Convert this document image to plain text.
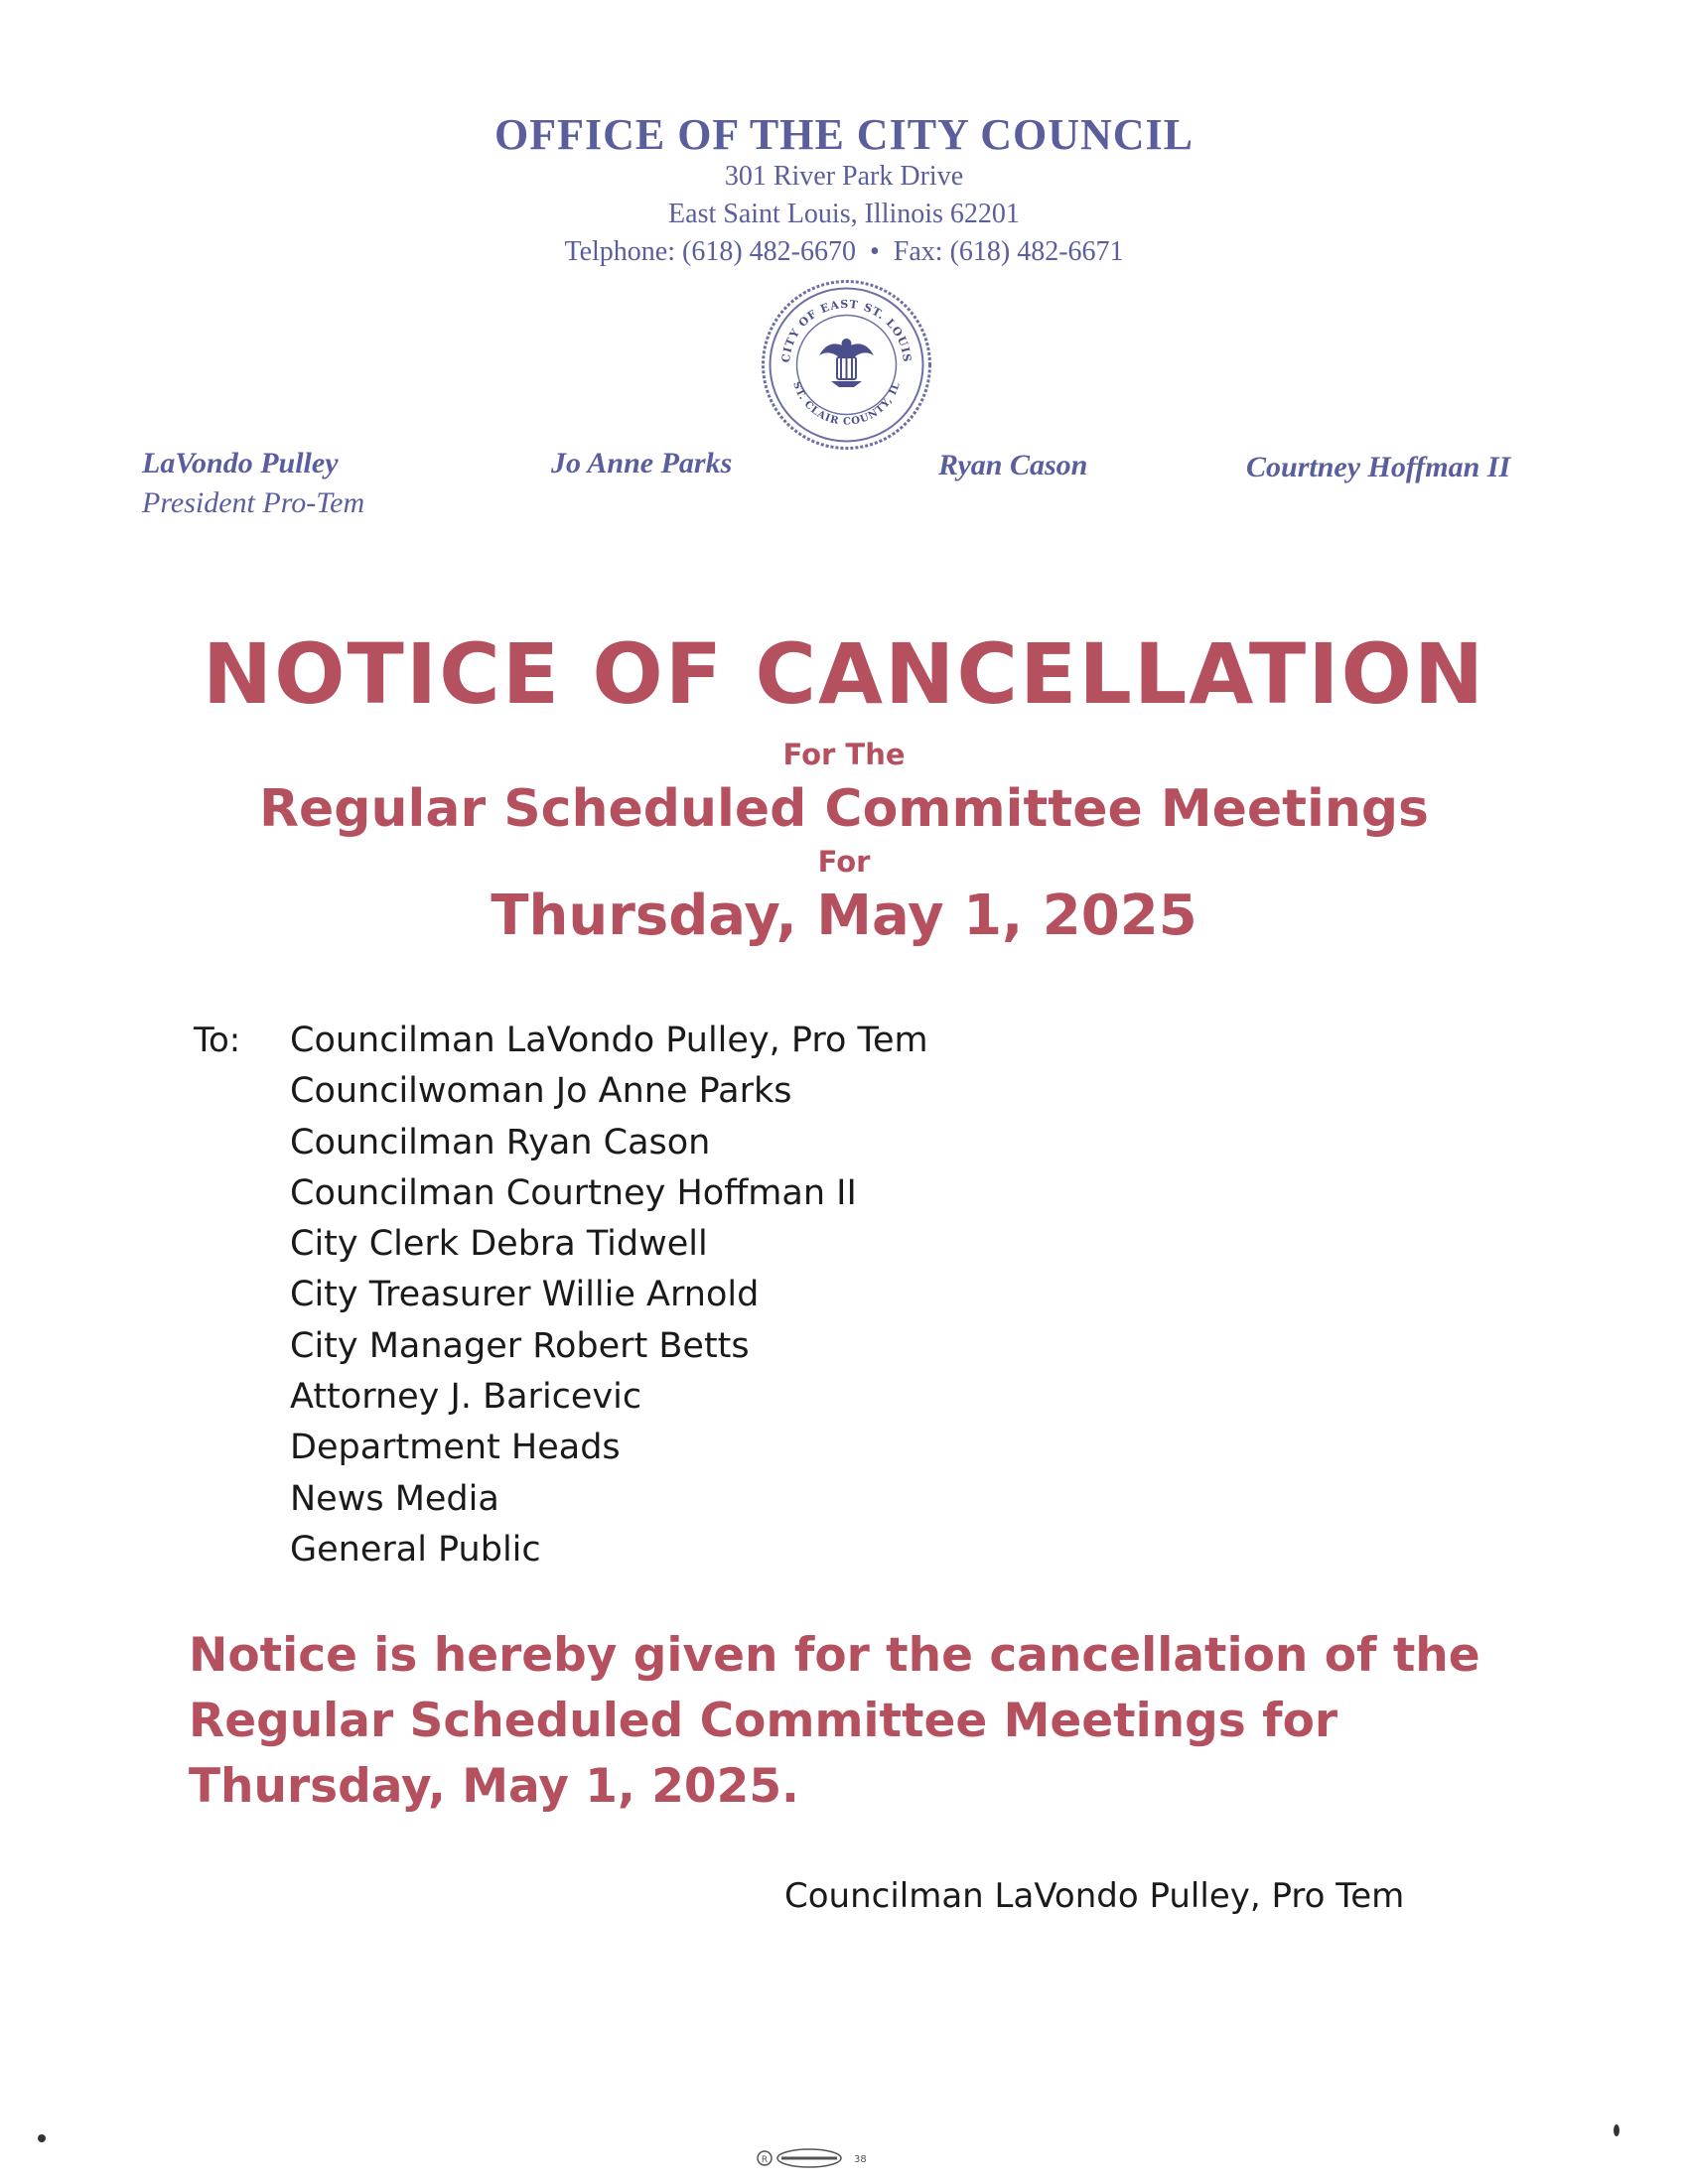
OFFICE OF THE CITY COUNCIL
301 River Park Drive
East Saint Louis, Illinois 62201
Telphone: (618) 482-6670  •  Fax: (618) 482-6671
CITY OF EAST ST. LOUIS
ST. CLAIR COUNTY, IL
LaVondo Pulley
President Pro-Tem
Jo Anne Parks	Ryan Cason	Courtney Hoffman II
NOTICE OF CANCELLATION
For The
Regular Scheduled Committee Meetings
For
Thursday, May 1, 2025
To: Councilman LaVondo Pulley, Pro Tem
Councilwoman Jo Anne Parks
Councilman Ryan Cason
Councilman Courtney Hoffman II
City Clerk Debra Tidwell
City Treasurer Willie Arnold
City Manager Robert Betts
Attorney J. Baricevic
Department Heads
News Media
General Public
Notice is hereby given for the cancellation of the Regular Scheduled Committee Meetings for Thursday, May 1, 2025.
Councilman LaVondo Pulley, Pro Tem
R	38
